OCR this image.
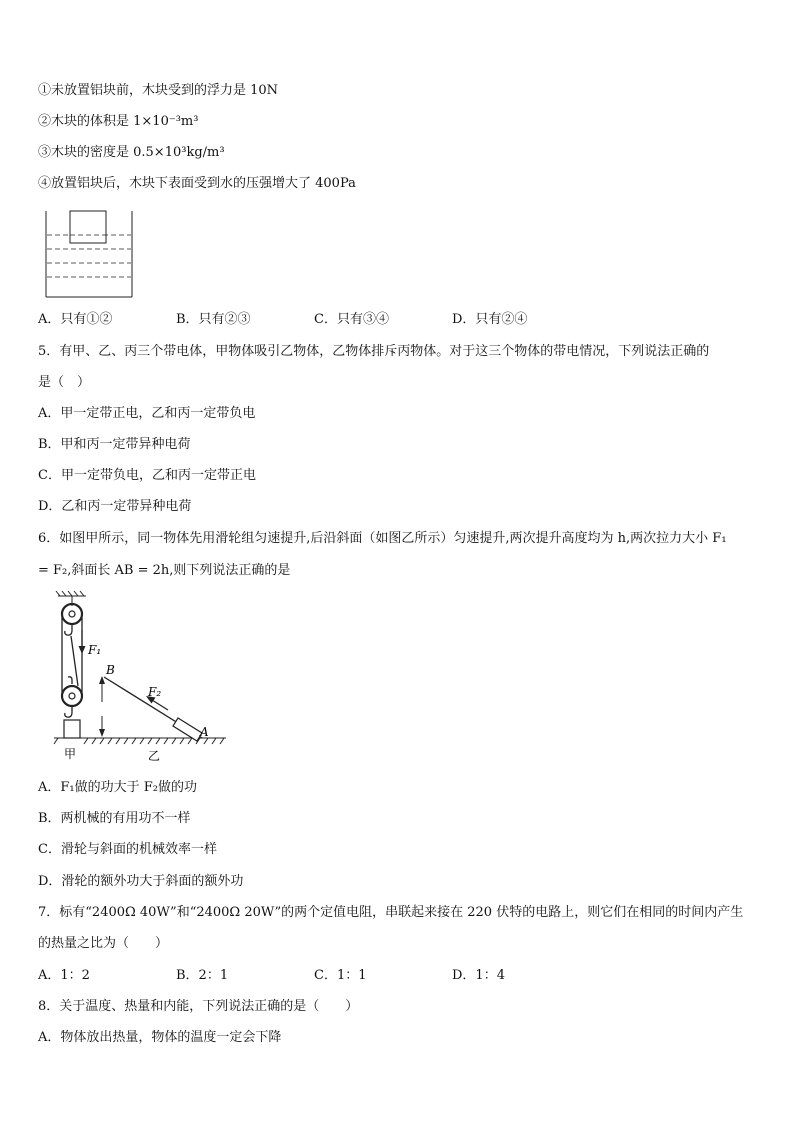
①未放置铝块前，木块受到的浮力是 10N
②木块的体积是 1×10⁻³m³
③木块的密度是 0.5×10³kg/m³
④放置铝块后，木块下表面受到水的压强增大了 400Pa
A．只有①②	B．只有②③	C．只有③④	D．只有②④
5．有甲、乙、丙三个带电体，甲物体吸引乙物体，乙物体排斥丙物体。对于这三个物体的带电情况，下列说法正确的
是（　）
A．甲一定带正电，乙和丙一定带负电
B．甲和丙一定带异种电荷
C．甲一定带负电，乙和丙一定带正电
D．乙和丙一定带异种电荷
6．如图甲所示，同一物体先用滑轮组匀速提升,后沿斜面（如图乙所示）匀速提升,两次提升高度均为 h,两次拉力大小 F₁
= F₂,斜面长 AB = 2h,则下列说法正确的是
F₁
B
A
F₂
甲	乙
A．F₁做的功大于 F₂做的功
B．两机械的有用功不一样
C．滑轮与斜面的机械效率一样
D．滑轮的额外功大于斜面的额外功
7．标有“2400Ω 40W”和“2400Ω 20W”的两个定值电阻，串联起来接在 220 伏特的电路上，则它们在相同的时间内产生
的热量之比为（　　）
A．1：2	B．2：1	C．1：1	D．1：4
8．关于温度、热量和内能，下列说法正确的是（　　）
A．物体放出热量，物体的温度一定会下降
